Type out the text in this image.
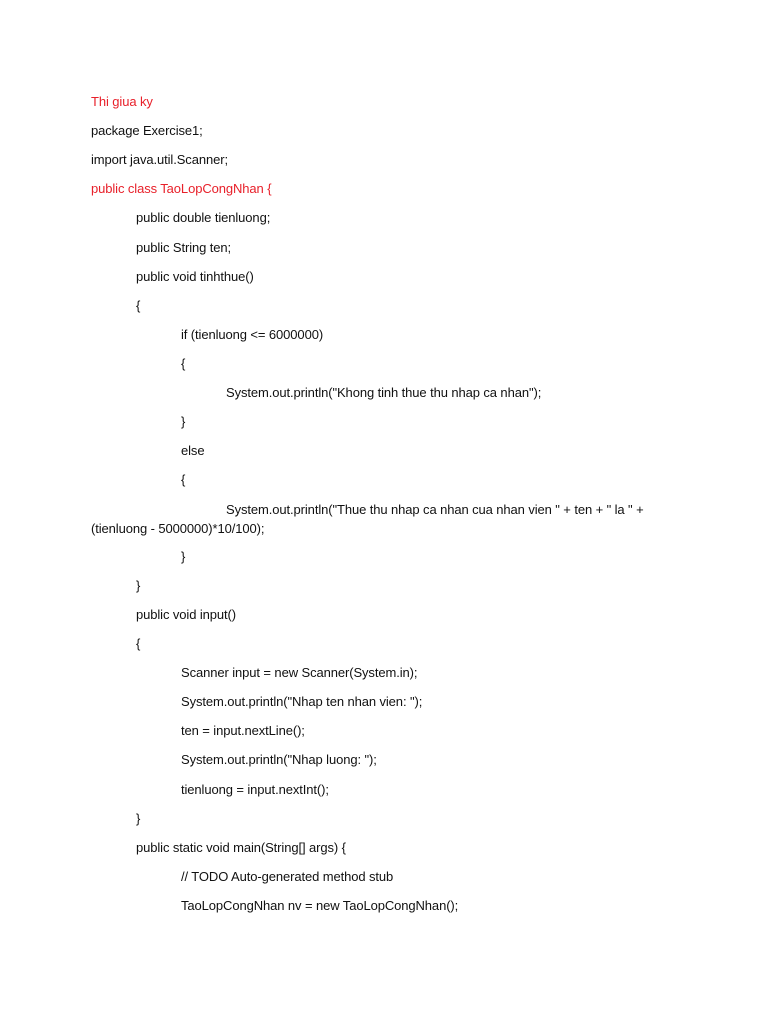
Thi giua ky
package Exercise1;
import java.util.Scanner;
public class TaoLopCongNhan {
public double tienluong;
public String ten;
public void tinhthue()
{
if (tienluong <= 6000000)
{
System.out.println("Khong tinh thue thu nhap ca nhan");
}
else
{
System.out.println("Thue thu nhap ca nhan cua nhan vien " + ten + " la " +
(tienluong - 5000000)*10/100);
}
}
public void input()
{
Scanner input = new Scanner(System.in);
System.out.println("Nhap ten nhan vien: ");
ten = input.nextLine();
System.out.println("Nhap luong: ");
tienluong = input.nextInt();
}
public static void main(String[] args) {
// TODO Auto-generated method stub
TaoLopCongNhan nv = new TaoLopCongNhan();
